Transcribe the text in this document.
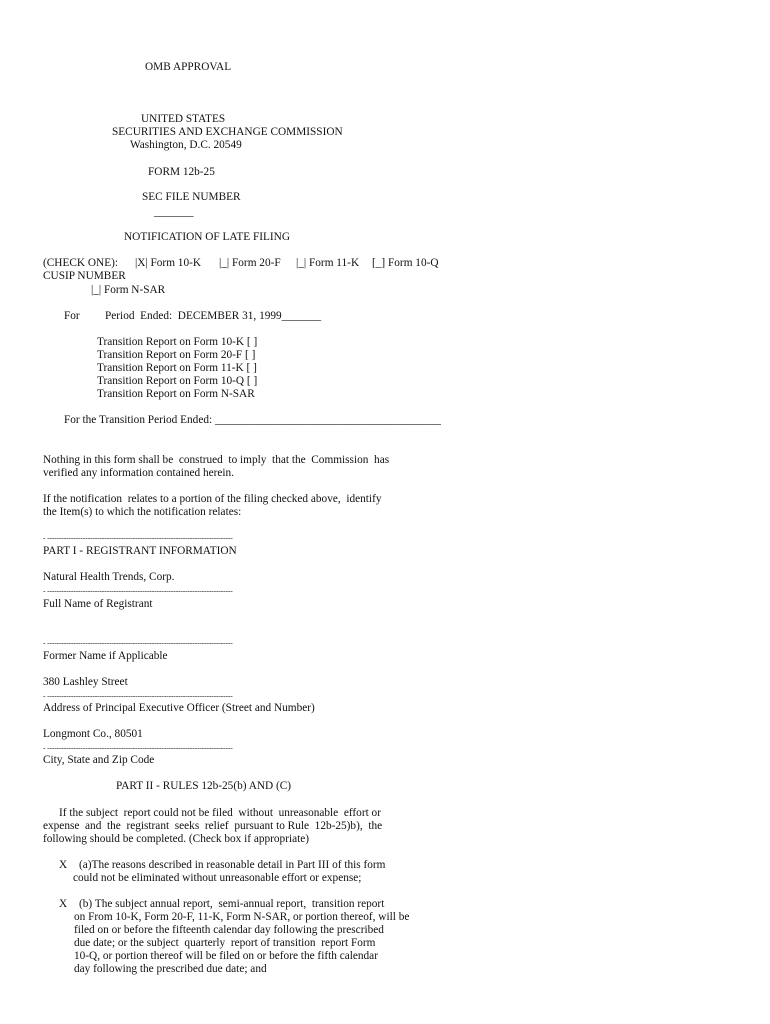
OMB APPROVAL
UNITED STATES
SECURITIES AND EXCHANGE COMMISSION
Washington, D.C. 20549
FORM 12b-25
SEC FILE NUMBER
_______
NOTIFICATION OF LATE FILING
(CHECK ONE): |X| Form 10-K |_| Form 20-F |_| Form 11-K [_] Form 10-Q
CUSIP NUMBER
|_| Form N-SAR
For Period  Ended:  DECEMBER 31, 1999_______
Transition Report on Form 10-K [ ]
Transition Report on Form 20-F [ ]
Transition Report on Form 11-K [ ]
Transition Report on Form 10-Q [ ]
Transition Report on Form N-SAR
For the Transition Period Ended: ________________________________________
Nothing in this form shall be  construed  to imply  that the  Commission  has
verified any information contained herein.
If the notification  relates to a portion of the filing checked above,  identify
the Item(s) to which the notification relates:
- ------------------------------------------------------------------------------
PART I - REGISTRANT INFORMATION
Natural Health Trends, Corp.
- ------------------------------------------------------------------------------
Full Name of Registrant
- ------------------------------------------------------------------------------
Former Name if Applicable
380 Lashley Street
- ------------------------------------------------------------------------------
Address of Principal Executive Officer (Street and Number)
Longmont Co., 80501
- ------------------------------------------------------------------------------
City, State and Zip Code
PART II - RULES 12b-25(b) AND (C)
If the subject  report could not be filed  without  unreasonable  effort or
expense  and  the  registrant  seeks  relief  pursuant to Rule  12b-25)b),  the
following should be completed. (Check box if appropriate)
X (a)The reasons described in reasonable detail in Part III of this form
could not be eliminated without unreasonable effort or expense;
X (b) The subject annual report,  semi-annual report,  transition report
on From 10-K, Form 20-F, 11-K, Form N-SAR, or portion thereof, will be
filed on or before the fifteenth calendar day following the prescribed
due date; or the subject  quarterly  report of transition  report Form
10-Q, or portion thereof will be filed on or before the fifth calendar
day following the prescribed due date; and
